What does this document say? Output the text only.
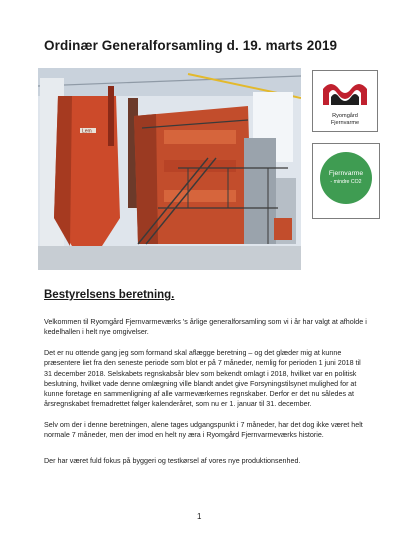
Ordinær Generalforsamling d. 19. marts 2019
Lem
Ryomgård
Fjernvarme
Fjernvarme
- mindre CO2
Bestyrelsens beretning.

Velkommen til Ryomgård Fjernvarmeværks 's årlige generalforsamling som vi i år har valgt at afholde i kedelhallen i helt nye omgivelser.

Det er nu ottende gang jeg som formand skal aflægge beretning – og det glæder mig at kunne præsentere liet fra den seneste periode som blot er på 7 måneder, nemlig for perioden 1 juni 2018 til 31 december 2018. Selskabets regnskabsår blev som bekendt omlagt i 2018, hvilket var en politisk beslutning, hvilket vade denne omlægning ville blandt andet give Forsyningstilsynet mulighed for at kunne foretage en sammenligning af alle varmeværkernes regnskaber. Derfor er det nu således at årsregnskabet fremadrettet følger kalenderåret, som nu er 1. januar til 31. december.

Selv om der i denne beretningen, alene tages udgangspunkt i 7 måneder, har det dog ikke været helt normale 7 måneder, men der imod en helt ny æra i Ryomgård Fjernvarmeværks historie.

Der har været fuld fokus på byggeri og testkørsel af vores nye produktionsenhed.

1
